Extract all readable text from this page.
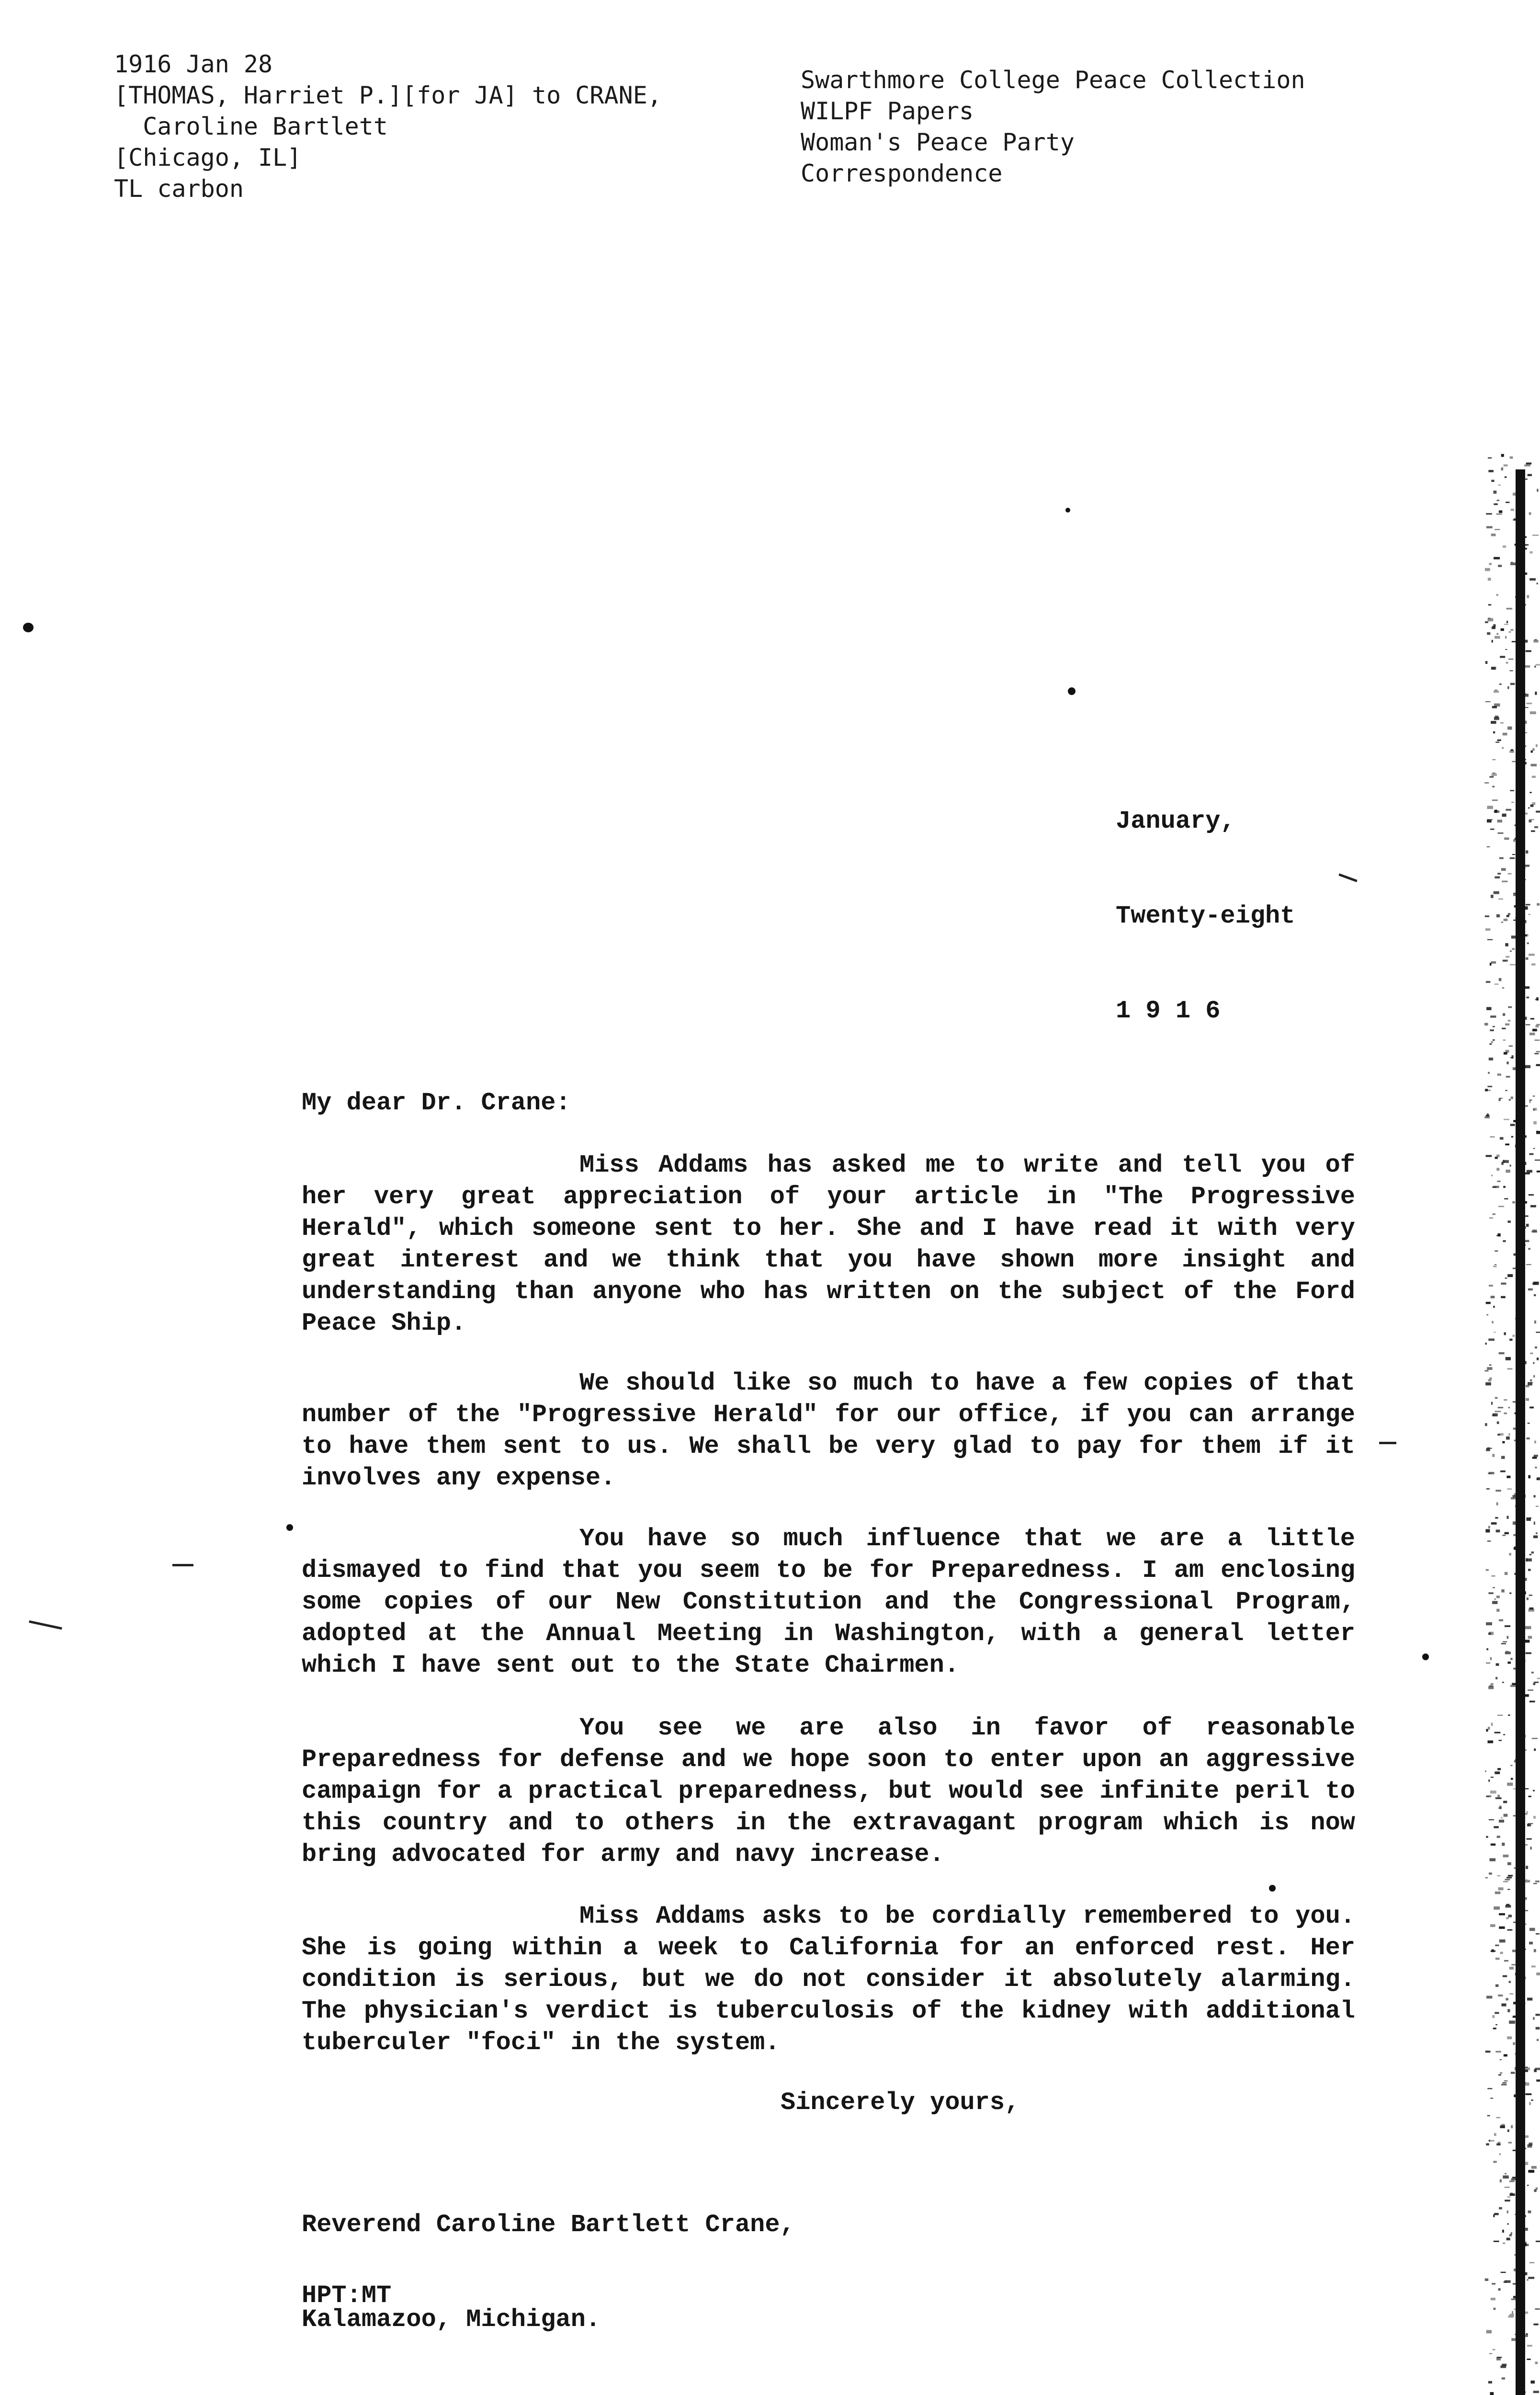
1916 Jan 28
[THOMAS, Harriet P.][for JA] to CRANE,
Caroline Bartlett
[Chicago, IL]
TL carbon
Swarthmore College Peace Collection
WILPF Papers
Woman's Peace Party
Correspondence

January,

Twenty-eight

1 9 1 6

My dear Dr. Crane:
Miss Addams has asked me to write and tell you of her very great appreciation of your article in "The Progressive Herald", which someone sent to her. She and I have read it with very great interest and we think that you have shown more insight and understanding than anyone who has written on the subject of the Ford Peace Ship.
We should like so much to have a few copies of that number of the "Progressive Herald" for our office, if you can arrange to have them sent to us. We shall be very glad to pay for them if it involves any expense.
You have so much influence that we are a little dismayed to find that you seem to be for Preparedness. I am enclosing some copies of our New Constitution and the Congressional Program, adopted at the Annual Meeting in Washington, with a general letter which I have sent out to the State Chairmen.
You see we are also in favor of reasonable Preparedness for defense and we hope soon to enter upon an aggressive campaign for a practical preparedness, but would see infinite peril to this country and to others in the extravagant program which is now bring advocated for army and navy increase.
Miss Addams asks to be cordially remembered to you. She is going within a week to California for an enforced rest. Her condition is serious, but we do not consider it absolutely alarming. The physician's verdict is tuberculosis of the kidney with additional tuberculer "foci" in the system.
Sincerely yours,

Reverend Caroline Bartlett Crane,

Kalamazoo, Michigan.

HPT:MT
